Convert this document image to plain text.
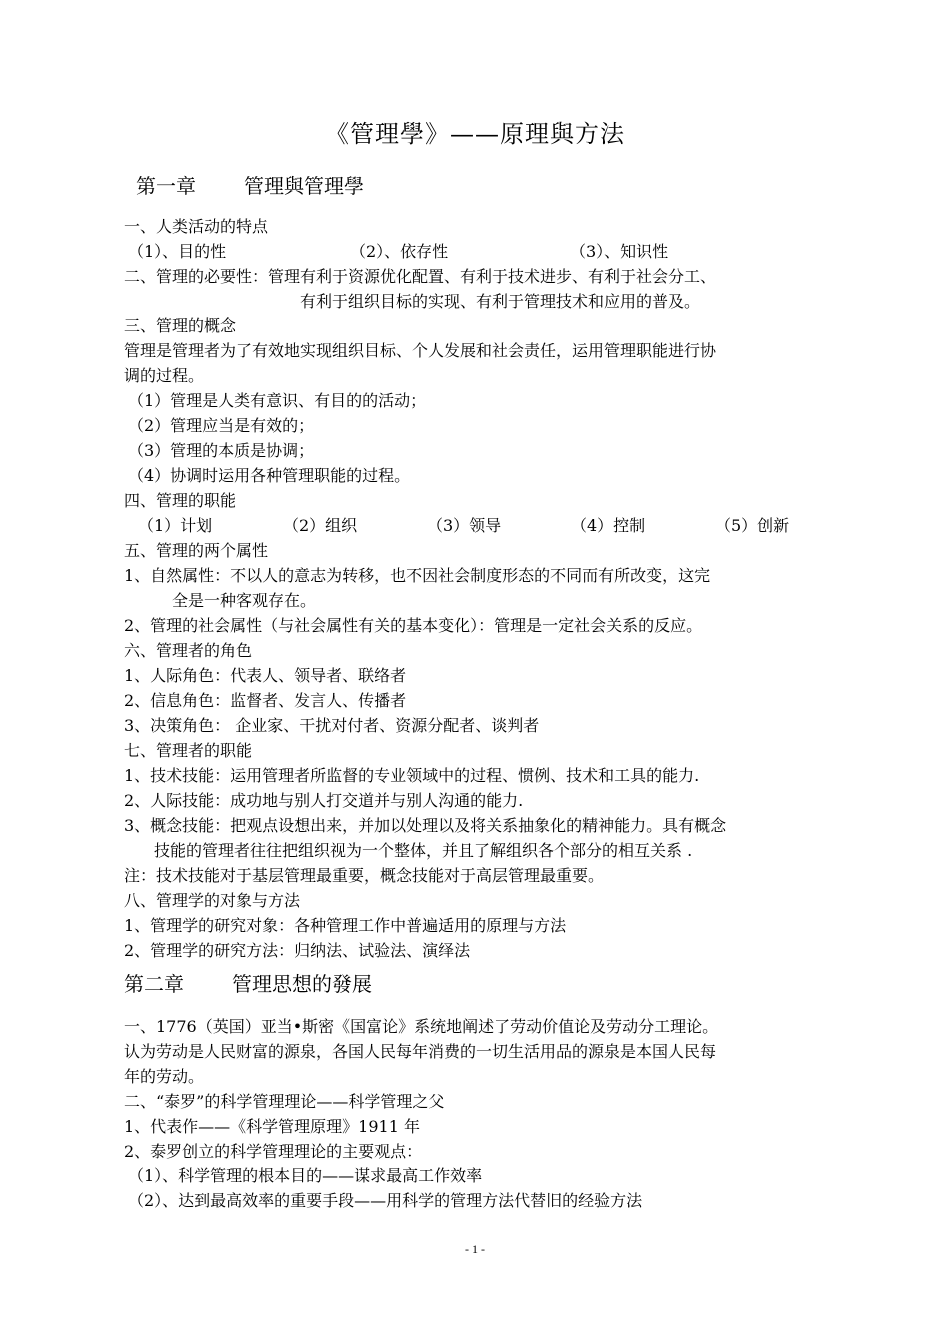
《管理學》——原理與方法
第一章 管理與管理學
一、人类活动的特点
（1）、目的性	（2）、依存性	（3）、知识性
二、管理的必要性：管理有利于资源优化配置、有利于技术进步、有利于社会分工、
有利于组织目标的实现、有利于管理技术和应用的普及。
三、管理的概念
管理是管理者为了有效地实现组织目标、个人发展和社会责任，运用管理职能进行协
调的过程。
（1）管理是人类有意识、有目的的活动；
（2）管理应当是有效的；
（3）管理的本质是协调；
（4）协调时运用各种管理职能的过程。
四、管理的职能
（1）计划	（2）组织	（3）领导	（4）控制	（5）创新
五、管理的两个属性
1、自然属性：不以人的意志为转移，也不因社会制度形态的不同而有所改变，这完
全是一种客观存在。
2、管理的社会属性（与社会属性有关的基本变化）：管理是一定社会关系的反应。
六、管理者的角色
1、人际角色：代表人、领导者、联络者
2、信息角色：监督者、发言人、传播者
3、决策角色： 企业家、干扰对付者、资源分配者、谈判者
七、管理者的职能
1、技术技能：运用管理者所监督的专业领域中的过程、惯例、技术和工具的能力.
2、人际技能：成功地与别人打交道并与别人沟通的能力.
3、概念技能：把观点设想出来，并加以处理以及将关系抽象化的精神能力。具有概念
技能的管理者往往把组织视为一个整体，并且了解组织各个部分的相互关系 .
注：技术技能对于基层管理最重要，概念技能对于高层管理最重要。
八、管理学的对象与方法
1、管理学的研究对象：各种管理工作中普遍适用的原理与方法
2、管理学的研究方法：归纳法、试验法、演绎法
第二章 管理思想的發展
一、1776（英国）亚当•斯密《国富论》系统地阐述了劳动价值论及劳动分工理论。
认为劳动是人民财富的源泉，各国人民每年消费的一切生活用品的源泉是本国人民每
年的劳动。
二、“泰罗”的科学管理理论——科学管理之父
1、代表作——《科学管理原理》1911 年
2、泰罗创立的科学管理理论的主要观点：
（1）、科学管理的根本目的——谋求最高工作效率
（2）、达到最高效率的重要手段——用科学的管理方法代替旧的经验方法
- 1 -
